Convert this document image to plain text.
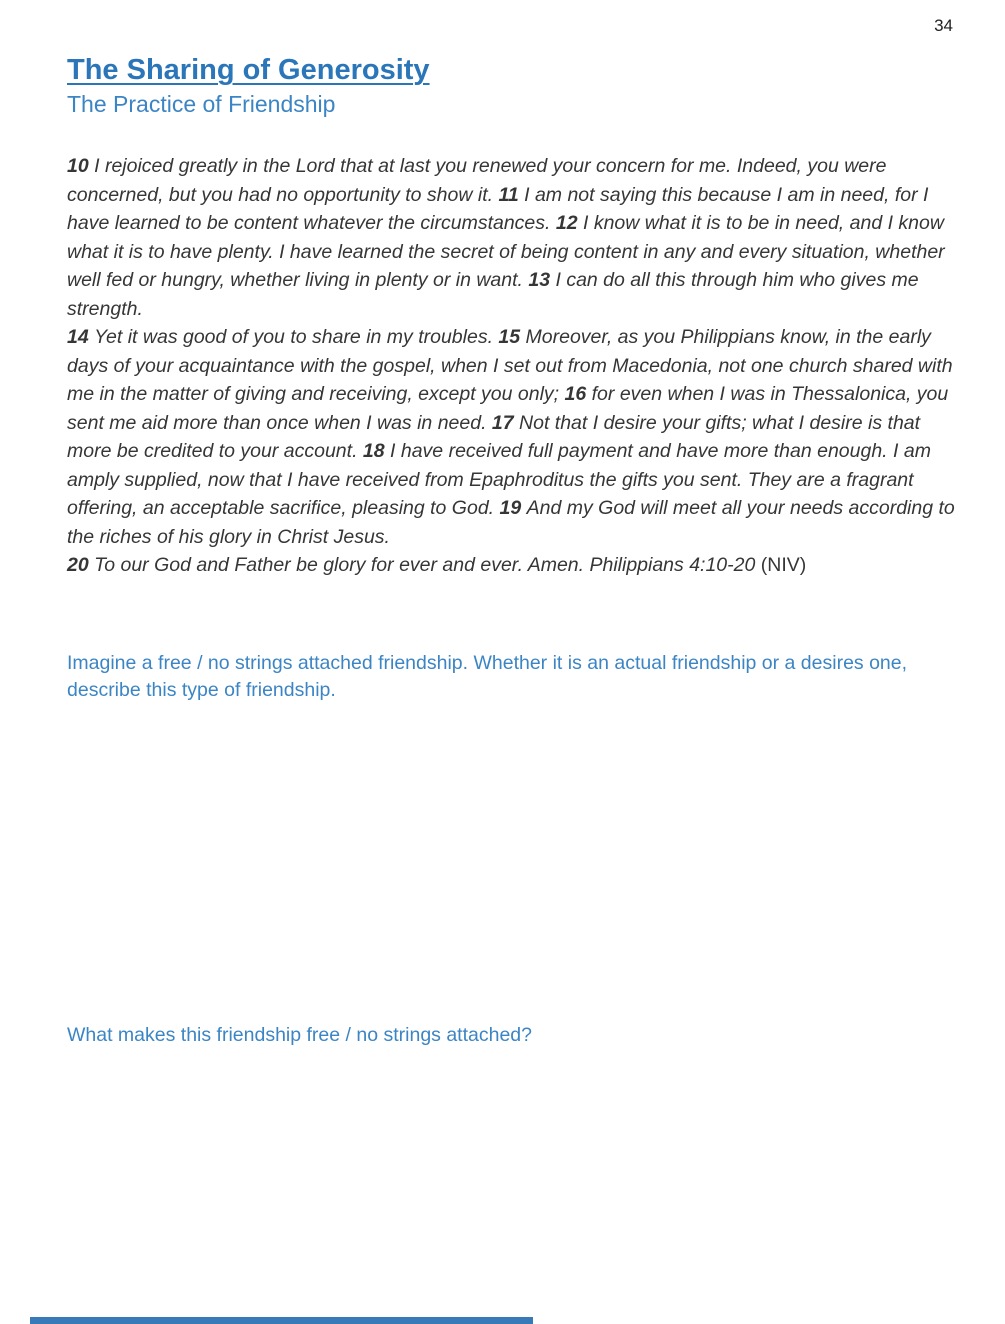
34
The Sharing of Generosity
The Practice of Friendship
10 I rejoiced greatly in the Lord that at last you renewed your concern for me. Indeed, you were concerned, but you had no opportunity to show it. 11 I am not saying this because I am in need, for I have learned to be content whatever the circumstances. 12 I know what it is to be in need, and I know what it is to have plenty. I have learned the secret of being content in any and every situation, whether well fed or hungry, whether living in plenty or in want. 13 I can do all this through him who gives me strength.
14 Yet it was good of you to share in my troubles. 15 Moreover, as you Philippians know, in the early days of your acquaintance with the gospel, when I set out from Macedonia, not one church shared with me in the matter of giving and receiving, except you only; 16 for even when I was in Thessalonica, you sent me aid more than once when I was in need. 17 Not that I desire your gifts; what I desire is that more be credited to your account. 18 I have received full payment and have more than enough. I am amply supplied, now that I have received from Epaphroditus the gifts you sent. They are a fragrant offering, an acceptable sacrifice, pleasing to God. 19 And my God will meet all your needs according to the riches of his glory in Christ Jesus.
20 To our God and Father be glory for ever and ever. Amen. Philippians 4:10-20 (NIV)
Imagine a free / no strings attached friendship. Whether it is an actual friendship or a desires one, describe this type of friendship.
What makes this friendship free / no strings attached?
